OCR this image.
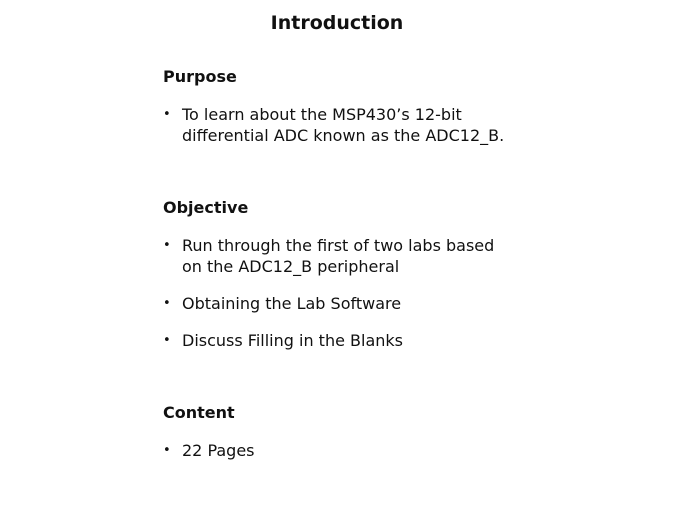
Introduction
Purpose
• To learn about the MSP430’s 12-bit
differential ADC known as the ADC12_B.
Objective
• Run through the first of two labs based
on the ADC12_B peripheral
• Obtaining the Lab Software
• Discuss Filling in the Blanks
Content
• 22 Pages
